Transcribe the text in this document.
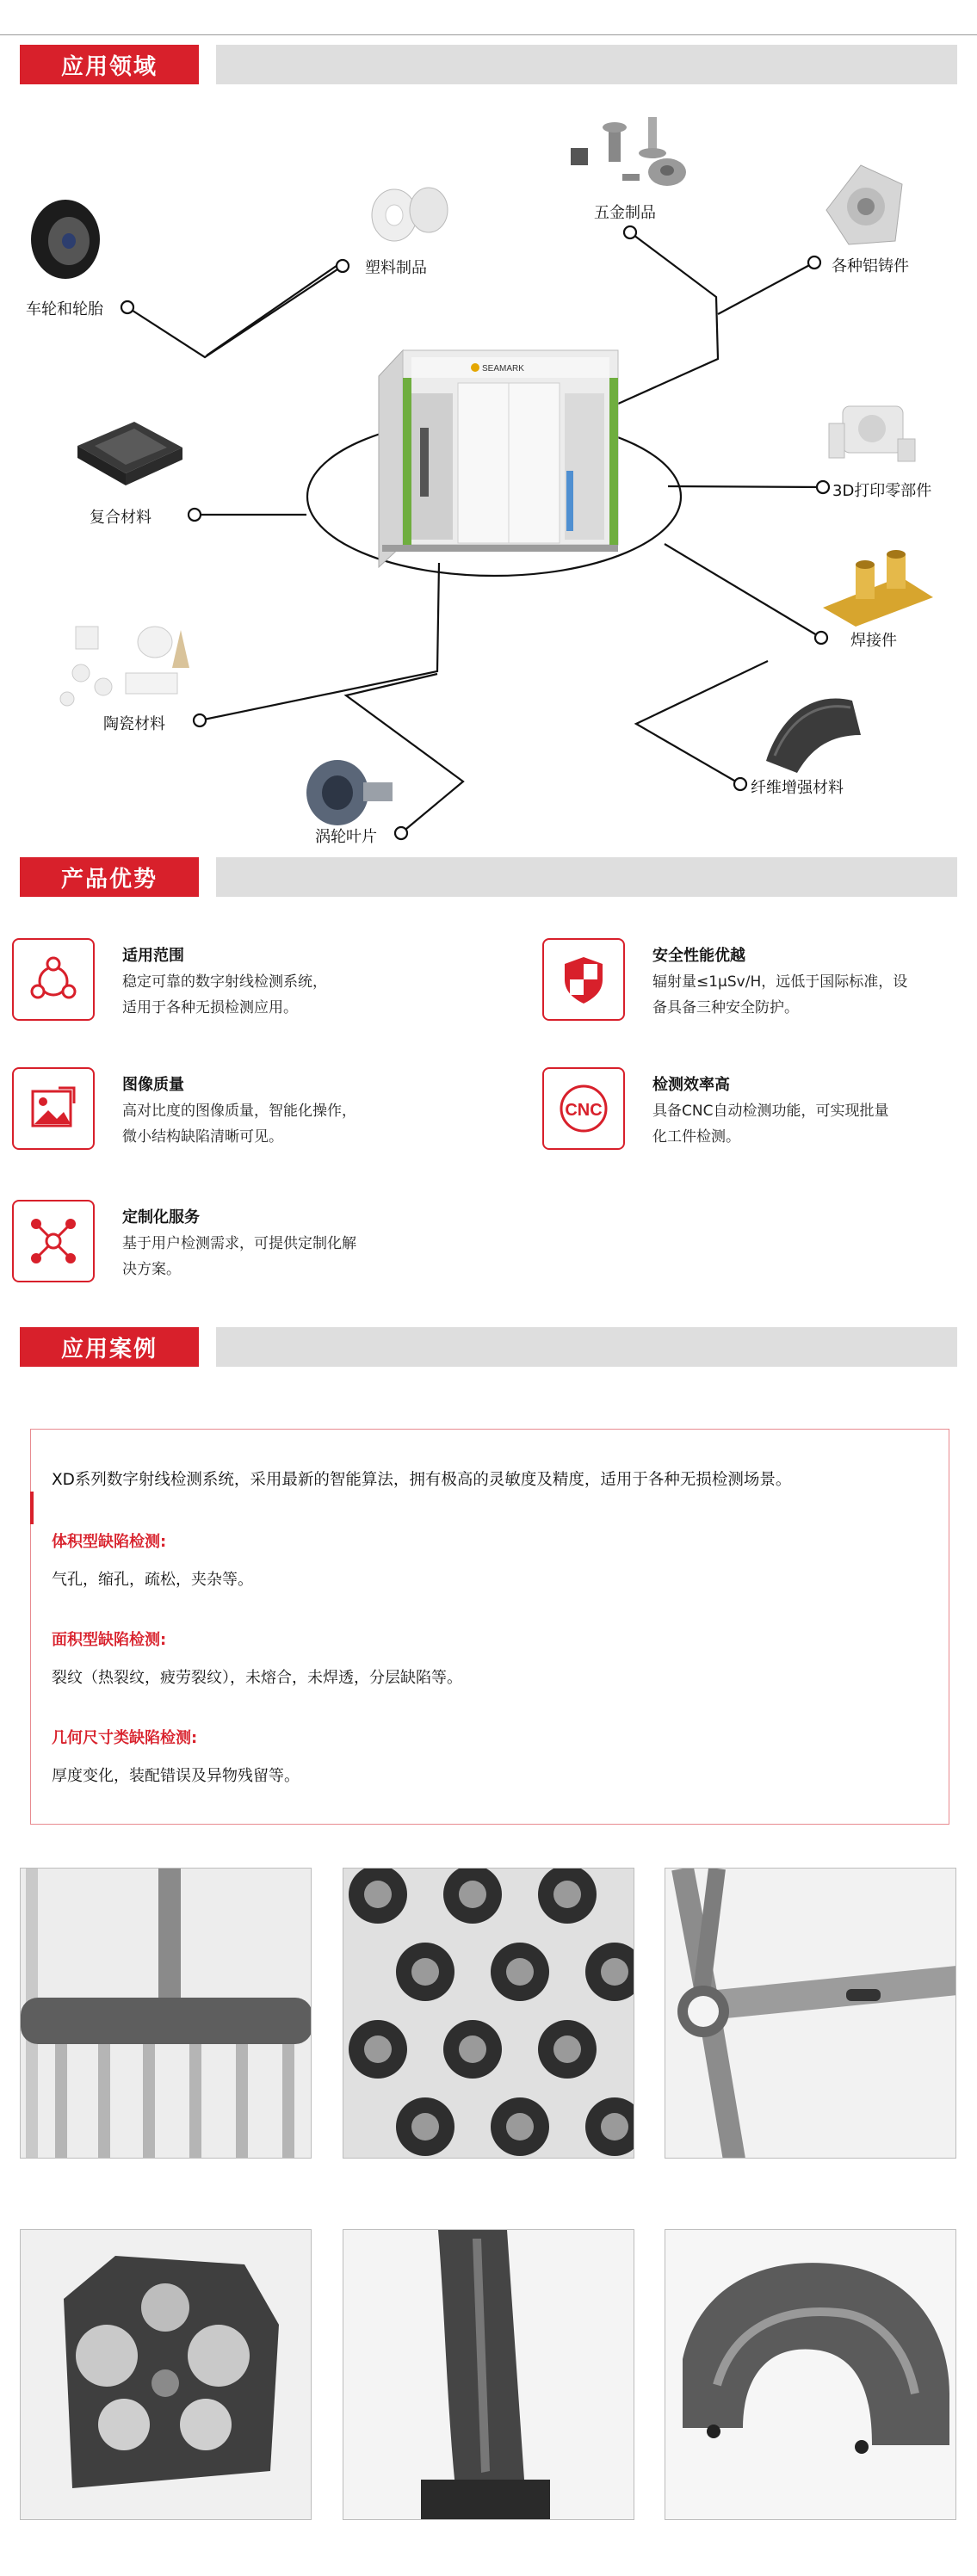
应用领域
SEAMARK
车轮和轮胎
塑料制品
五金制品
各种铝铸件
复合材料
3D打印零部件
焊接件
陶瓷材料
纤维增强材料
涡轮叶片
产品优势
适用范围
稳定可靠的数字射线检测系统，
适用于各种无损检测应用。
安全性能优越
辐射量≤1μSv/H，远低于国际标准，设
备具备三种安全防护。
图像质量
高对比度的图像质量，智能化操作，
微小结构缺陷清晰可见。
CNC
检测效率高
具备CNC自动检测功能，可实现批量
化工件检测。
定制化服务
基于用户检测需求，可提供定制化解
决方案。
应用案例
XD系列数字射线检测系统，采用最新的智能算法，拥有极高的灵敏度及精度，适用于各种无损检测场景。
体积型缺陷检测:
气孔，缩孔，疏松，夹杂等。
面积型缺陷检测:
裂纹（热裂纹，疲劳裂纹），未熔合，未焊透，分层缺陷等。
几何尺寸类缺陷检测:
厚度变化，装配错误及异物残留等。
